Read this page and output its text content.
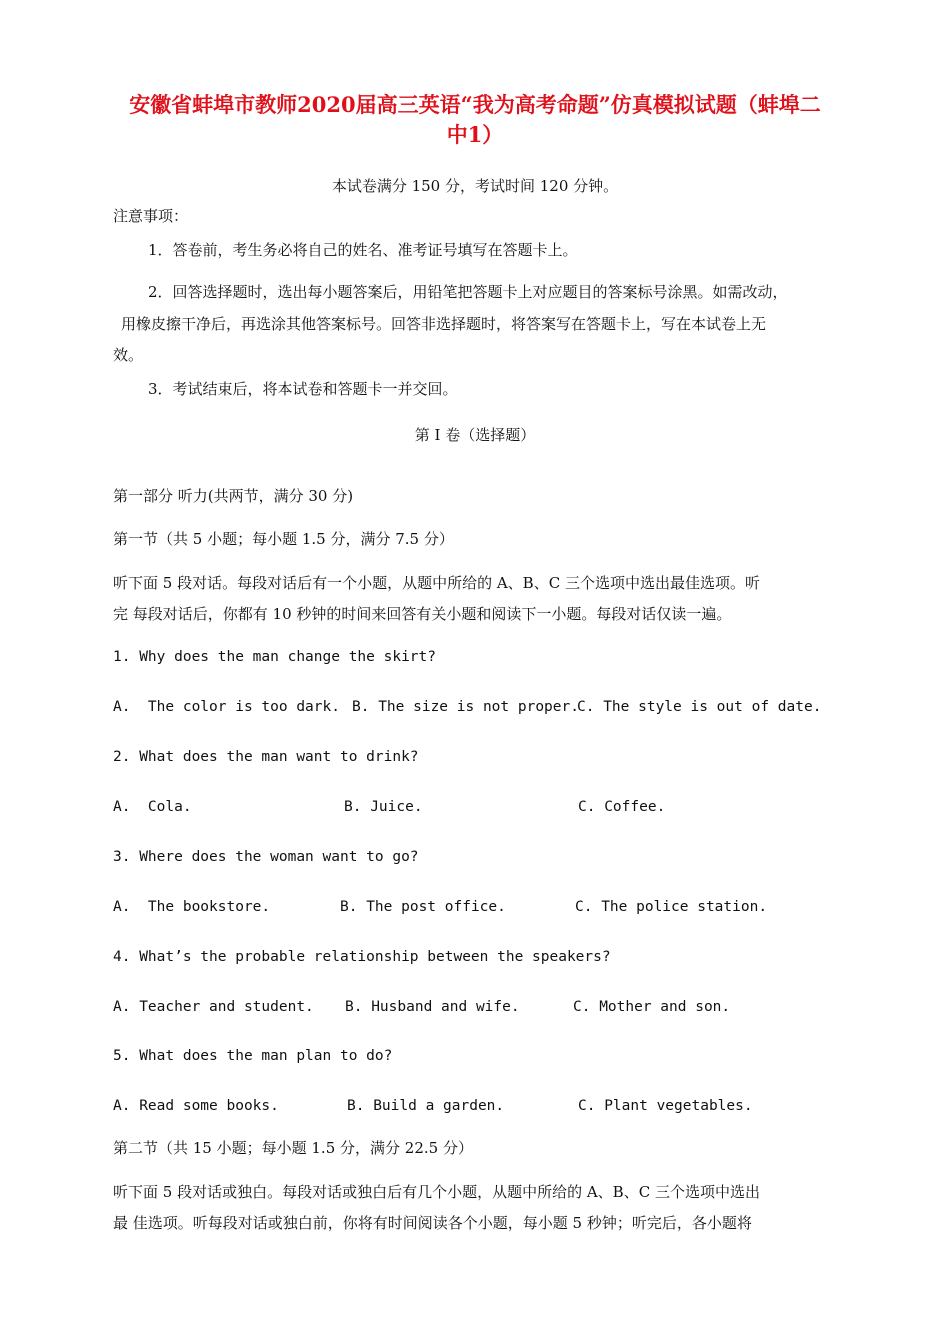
安徽省蚌埠市教师2020届高三英语“我为高考命题”仿真模拟试题（蚌埠二
中1）
本试卷满分 150 分，考试时间 120 分钟。
注意事项：
1．答卷前，考生务必将自己的姓名、准考证号填写在答题卡上。
2．回答选择题时，选出每小题答案后，用铅笔把答题卡上对应题目的答案标号涂黑。如需改动，
用橡皮擦干净后，再选涂其他答案标号。回答非选择题时，将答案写在答题卡上，写在本试卷上无
效。
3．考试结束后，将本试卷和答题卡一并交回。
第 I 卷（选择题）
第一部分 听力(共两节，满分 30 分)
第一节（共 5 小题；每小题 1.5 分，满分 7.5 分）
听下面 5 段对话。每段对话后有一个小题，从题中所给的 A、B、C 三个选项中选出最佳选项。听
完 每段对话后，你都有 10 秒钟的时间来回答有关小题和阅读下一小题。每段对话仅读一遍。
1. Why does the man change the skirt?
A.  The color is too dark. B. The size is not proper.
C. The style is out of date.
2. What does the man want to drink?
A.  Cola.	B. Juice.	C. Coffee.
3. Where does the woman want to go?
A.  The bookstore.	B. The post office.	C. The police station.
4. What’s the probable relationship between the speakers?
A. Teacher and student. B. Husband and wife.	C. Mother and son.
5. What does the man plan to do?
A. Read some books.	B. Build a garden.	C. Plant vegetables.
第二节（共 15 小题；每小题 1.5 分，满分 22.5 分）
听下面 5 段对话或独白。每段对话或独白后有几个小题，从题中所给的 A、B、C 三个选项中选出
最 佳选项。听每段对话或独白前，你将有时间阅读各个小题，每小题 5 秒钟；听完后，各小题将
